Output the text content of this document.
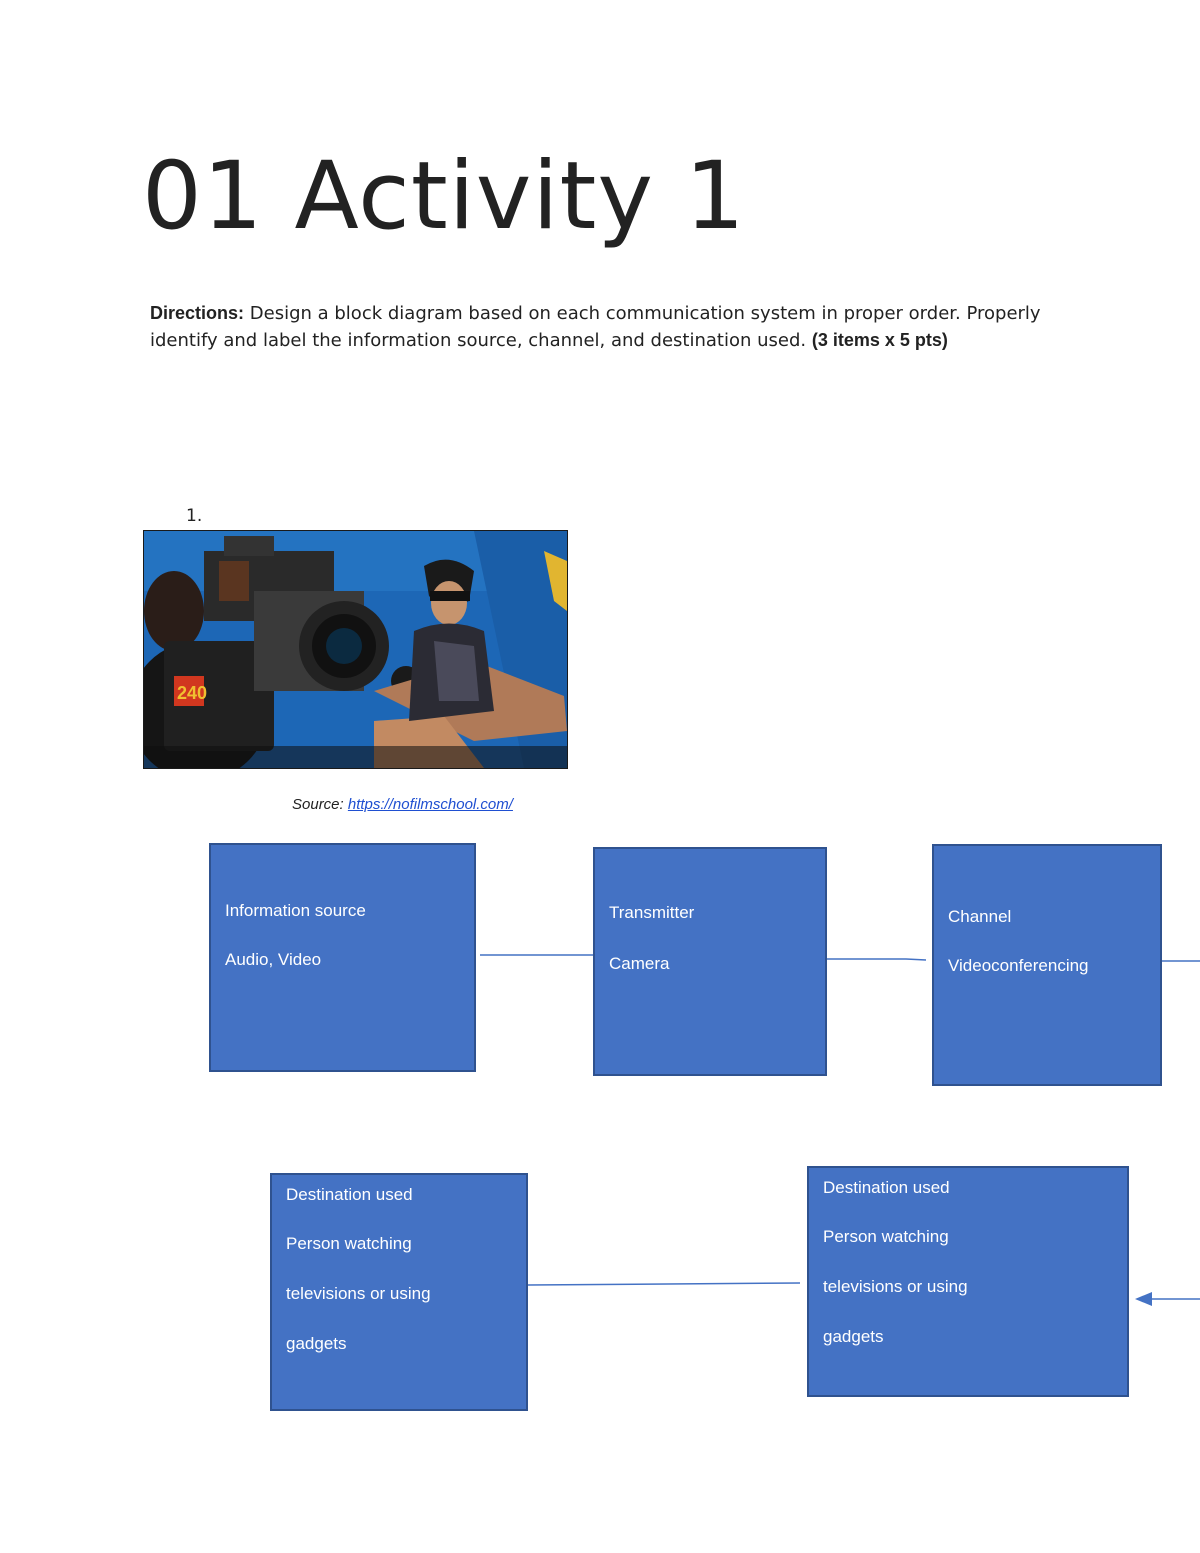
01 Activity 1
Directions: Design a block diagram based on each communication system in proper order. Properly identify and label the information source, channel, and destination used. (3 items x 5 pts)
1.
240
Source: https://nofilmschool.com/
Information source
Audio, Video
Transmitter
Camera
Channel
Videoconferencing
Destination used
Person watching
televisions or using
gadgets
Destination used
Person watching
televisions or using
gadgets
